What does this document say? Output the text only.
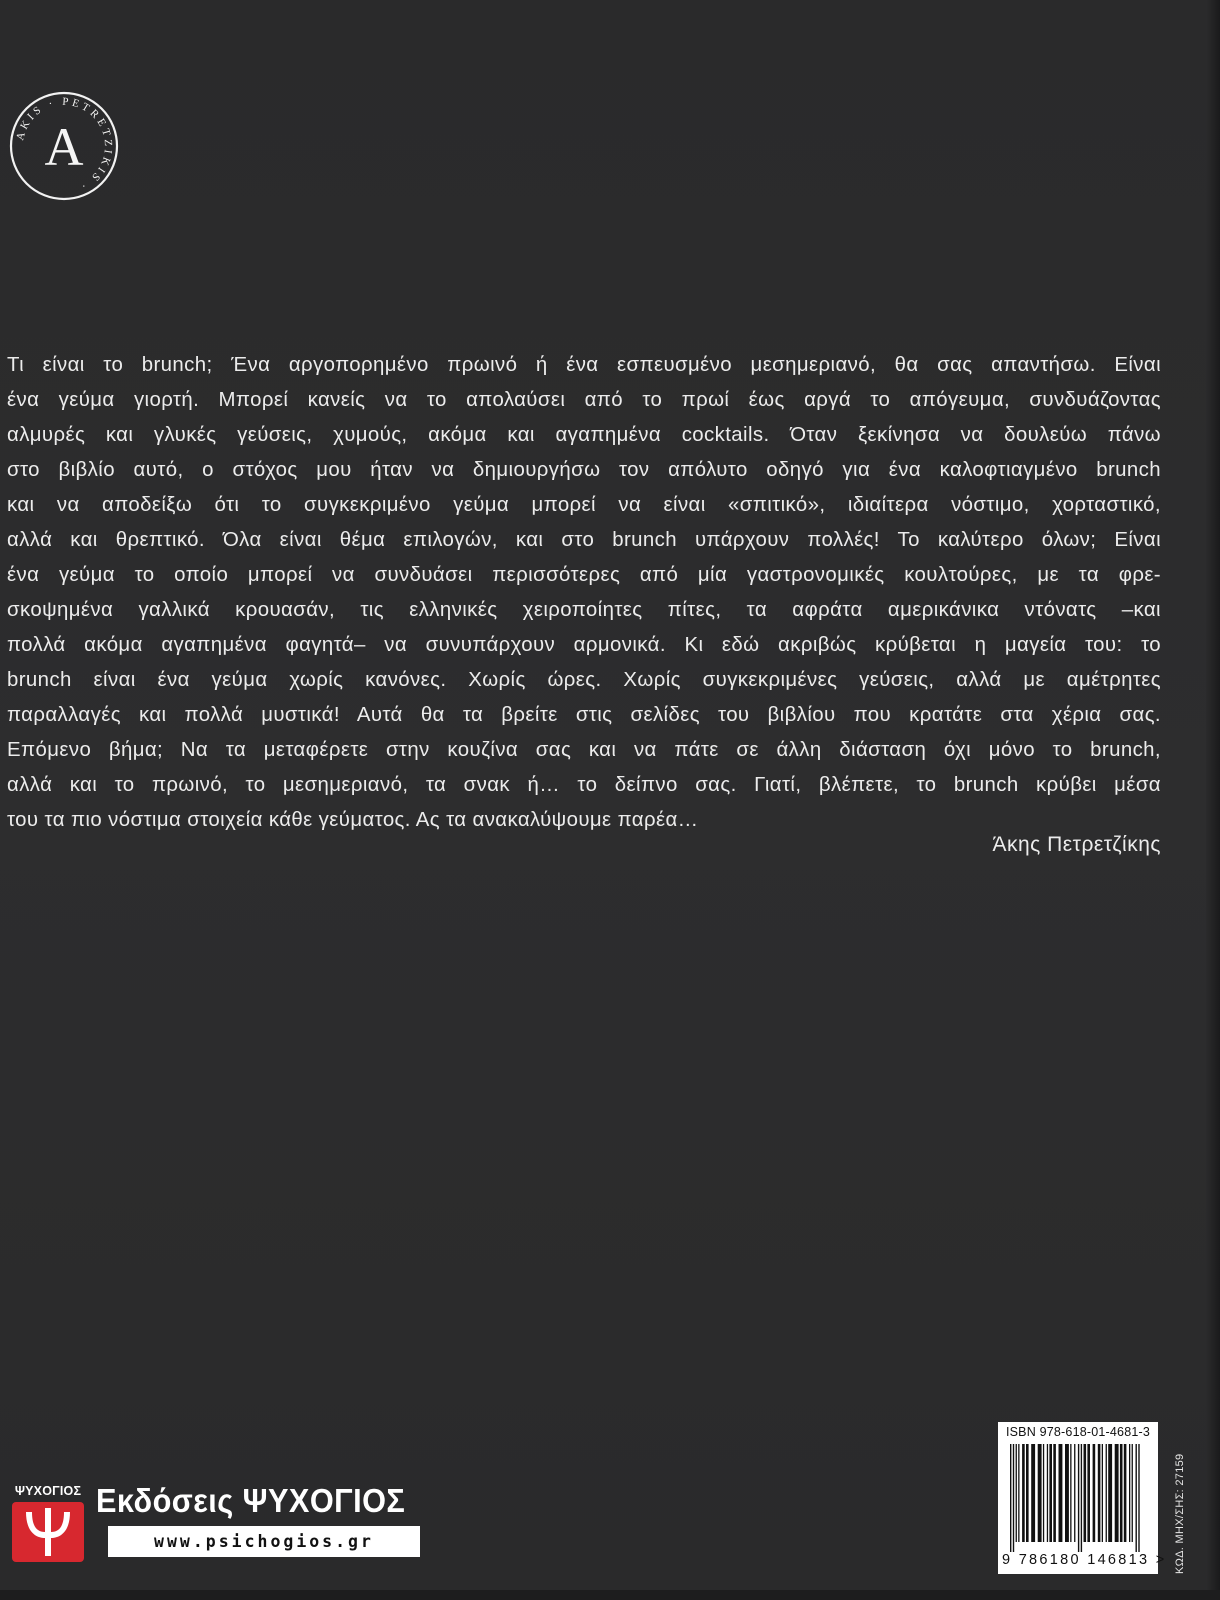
AKIS · PETRETZIKIS ·
A
Τι είναι το brunch; Ένα αργοπορημένο πρωινό ή ένα εσπευσμένο μεσημεριανό, θα σας απαντήσω. Είναι
ένα γεύμα γιορτή. Μπορεί κανείς να το απολαύσει από το πρωί έως αργά το απόγευμα, συνδυάζοντας
αλμυρές και γλυκές γεύσεις, χυμούς, ακόμα και αγαπημένα cocktails. Όταν ξεκίνησα να δουλεύω πάνω
στο βιβλίο αυτό, ο στόχος μου ήταν να δημιουργήσω τον απόλυτο οδηγό για ένα καλοφτιαγμένο brunch
και να αποδείξω ότι το συγκεκριμένο γεύμα μπορεί να είναι «σπιτικό», ιδιαίτερα νόστιμο, χορταστικό,
αλλά και θρεπτικό. Όλα είναι θέμα επιλογών, και στο brunch υπάρχουν πολλές! Το καλύτερο όλων; Είναι
ένα γεύμα το οποίο μπορεί να συνδυάσει περισσότερες από μία γαστρονομικές κουλτούρες, με τα φρε-
σκοψημένα γαλλικά κρουασάν, τις ελληνικές χειροποίητες πίτες, τα αφράτα αμερικάνικα ντόνατς –και
πολλά ακόμα αγαπημένα φαγητά– να συνυπάρχουν αρμονικά. Κι εδώ ακριβώς κρύβεται η μαγεία του: το
brunch είναι ένα γεύμα χωρίς κανόνες. Χωρίς ώρες. Χωρίς συγκεκριμένες γεύσεις, αλλά με αμέτρητες
παραλλαγές και πολλά μυστικά! Αυτά θα τα βρείτε στις σελίδες του βιβλίου που κρατάτε στα χέρια σας.
Επόμενο βήμα; Να τα μεταφέρετε στην κουζίνα σας και να πάτε σε άλλη διάσταση όχι μόνο το brunch,
αλλά και το πρωινό, το μεσημεριανό, τα σνακ ή… το δείπνο σας. Γιατί, βλέπετε, το brunch κρύβει μέσα
του τα πιο νόστιμα στοιχεία κάθε γεύματος. Ας τα ανακαλύψουμε παρέα…
Άκης Πετρετζίκης
ΨΥΧΟΓΙΟΣ Εκδόσεις ΨΥΧΟΓΙΟΣ
www.psichogios.gr
ISBN 978-618-01-4681-3
9 786180 146813 > ΚΩΔ. ΜΗΧ/ΣΗΣ: 27159
